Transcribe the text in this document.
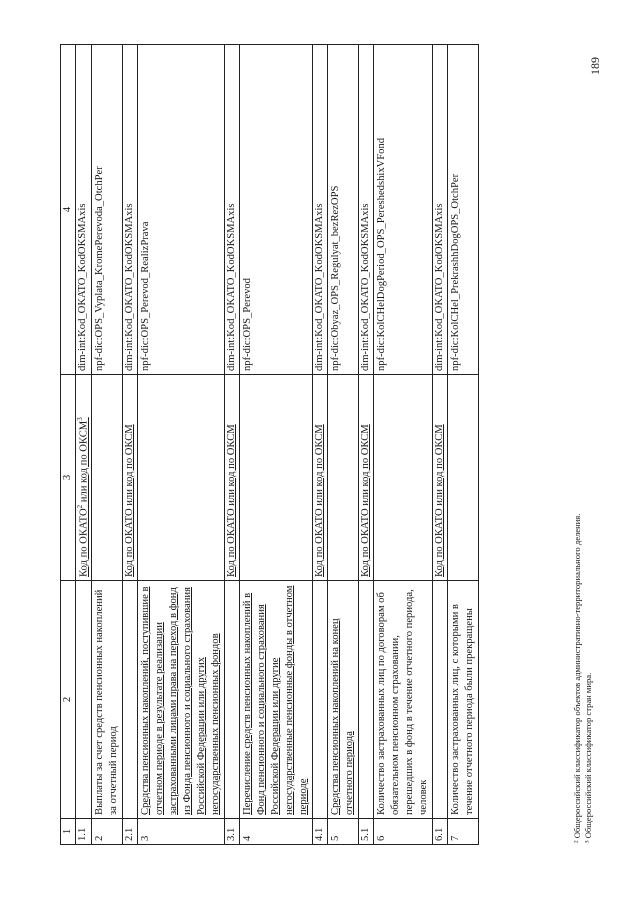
1	2	3	4
1.1		Код по ОКАТО$^2$ или код по ОКСМ$^3$	dim-int:Kod_OKATO_KodOKSMAxis
2	Выплаты за счет средств пенсионных накоплений за отчетный период		npf-dic:OPS_Vyplata_KromePerevoda_OtchPer
2.1		Код по ОКАТО или код по ОКСМ	dim-int:Kod_OKATO_KodOKSMAxis
3	Средства пенсионных накоплений, поступившие в отчетном периоде в результате реализации застрахованными лицами права на переход в фонд из Фонда пенсионного и социального страхования Российской Федерации или других негосударственных пенсионных фондов		npf-dic:OPS_Perevod_RealizPrava
3.1		Код по ОКАТО или код по ОКСМ	dim-int:Kod_OKATO_KodOKSMAxis
4	Перечисление средств пенсионных накоплений в Фонд пенсионного и социального страхования Российской Федерации или другие негосударственные пенсионные фонды в отчетном периоде		npf-dic:OPS_Perevod
4.1		Код по ОКАТО или код по ОКСМ	dim-int:Kod_OKATO_KodOKSMAxis
5	Средства пенсионных накоплений на конец отчетного периода		npf-dic:Obyaz_OPS_Regulyat_bezRezOPS
5.1		Код по ОКАТО или код по ОКСМ	dim-int:Kod_OKATO_KodOKSMAxis
6	Количество застрахованных лиц по договорам об обязательном пенсионном страховании, перешедших в фонд в течение отчетного периода, человек		npf-dic:KolCHelDogPeriod_OPS_PereshedshixVFond
6.1		Код по ОКАТО или код по ОКСМ	dim-int:Kod_OKATO_KodOKSMAxis
7	Количество застрахованных лиц, с которыми в течение отчетного периода были прекращены		npf-dic:KolCHel_PrekrashhDogOPS_OtchPer
² Общероссийский классификатор объектов административно-территориального деления. ³ Общероссийский классификатор стран мира.
189
